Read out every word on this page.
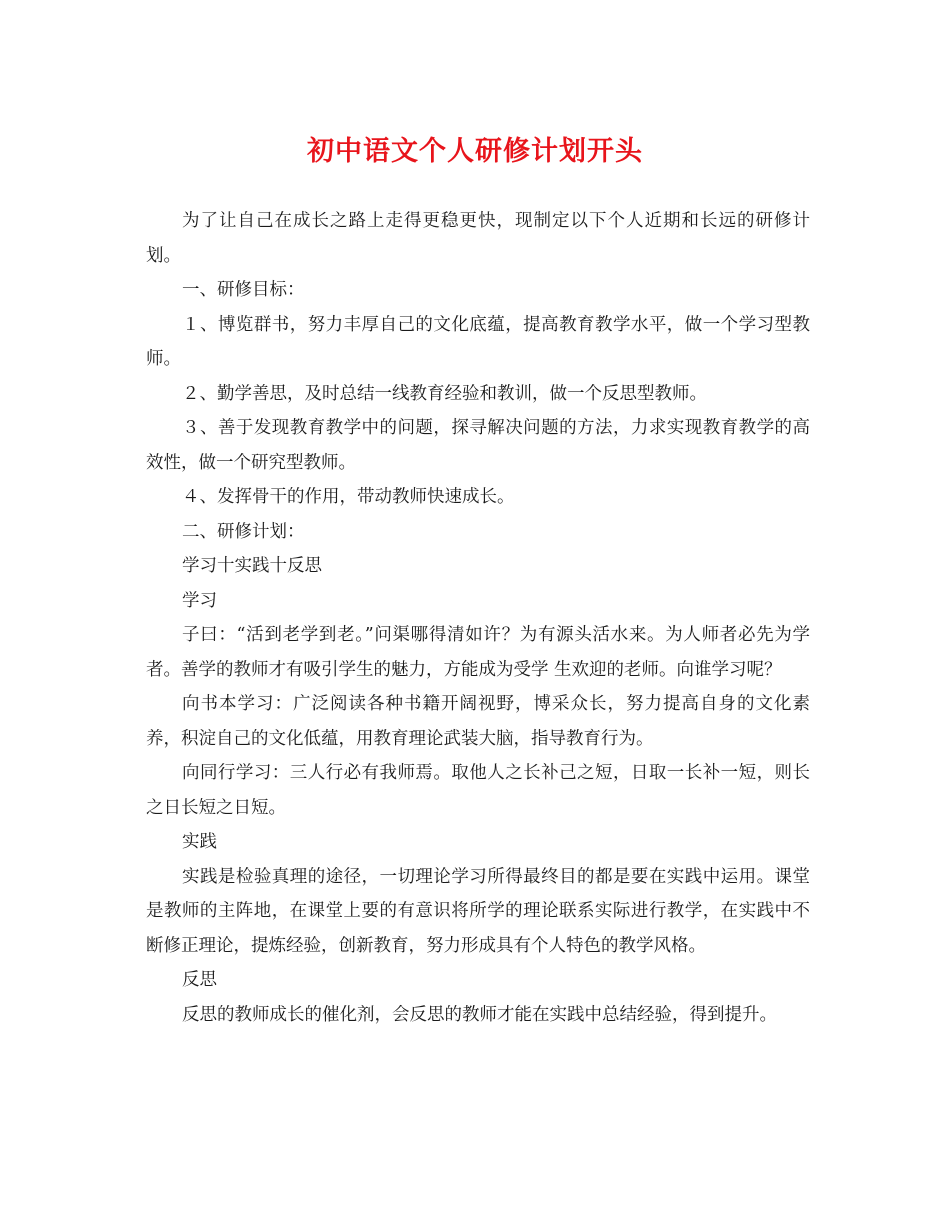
初中语文个人研修计划开头

为了让自己在成长之路上走得更稳更快，现制定以下个人近期和长远的研修计划。

一、研修目标：

１、博览群书，努力丰厚自己的文化底蕴，提高教育教学水平，做一个学习型教师。

２、勤学善思，及时总结一线教育经验和教训，做一个反思型教师。

３、善于发现教育教学中的问题，探寻解决问题的方法，力求实现教育教学的高效性，做一个研究型教师。

４、发挥骨干的作用，带动教师快速成长。

二、研修计划：

学习十实践十反思

学习

子曰：“活到老学到老。”问渠哪得清如许？为有源头活水来。为人师者必先为学者。善学的教师才有吸引学生的魅力，方能成为受学 生欢迎的老师。向谁学习呢？

向书本学习：广泛阅读各种书籍开阔视野，博采众长，努力提高自身的文化素养，积淀自己的文化低蕴，用教育理论武装大脑，指导教育行为。

向同行学习：三人行必有我师焉。取他人之长补己之短，日取一长补一短，则长之日长短之日短。

实践

实践是检验真理的途径，一切理论学习所得最终目的都是要在实践中运用。课堂是教师的主阵地，在课堂上要的有意识将所学的理论联系实际进行教学，在实践中不断修正理论，提炼经验，创新教育，努力形成具有个人特色的教学风格。

反思

反思的教师成长的催化剂，会反思的教师才能在实践中总结经验，得到提升。
